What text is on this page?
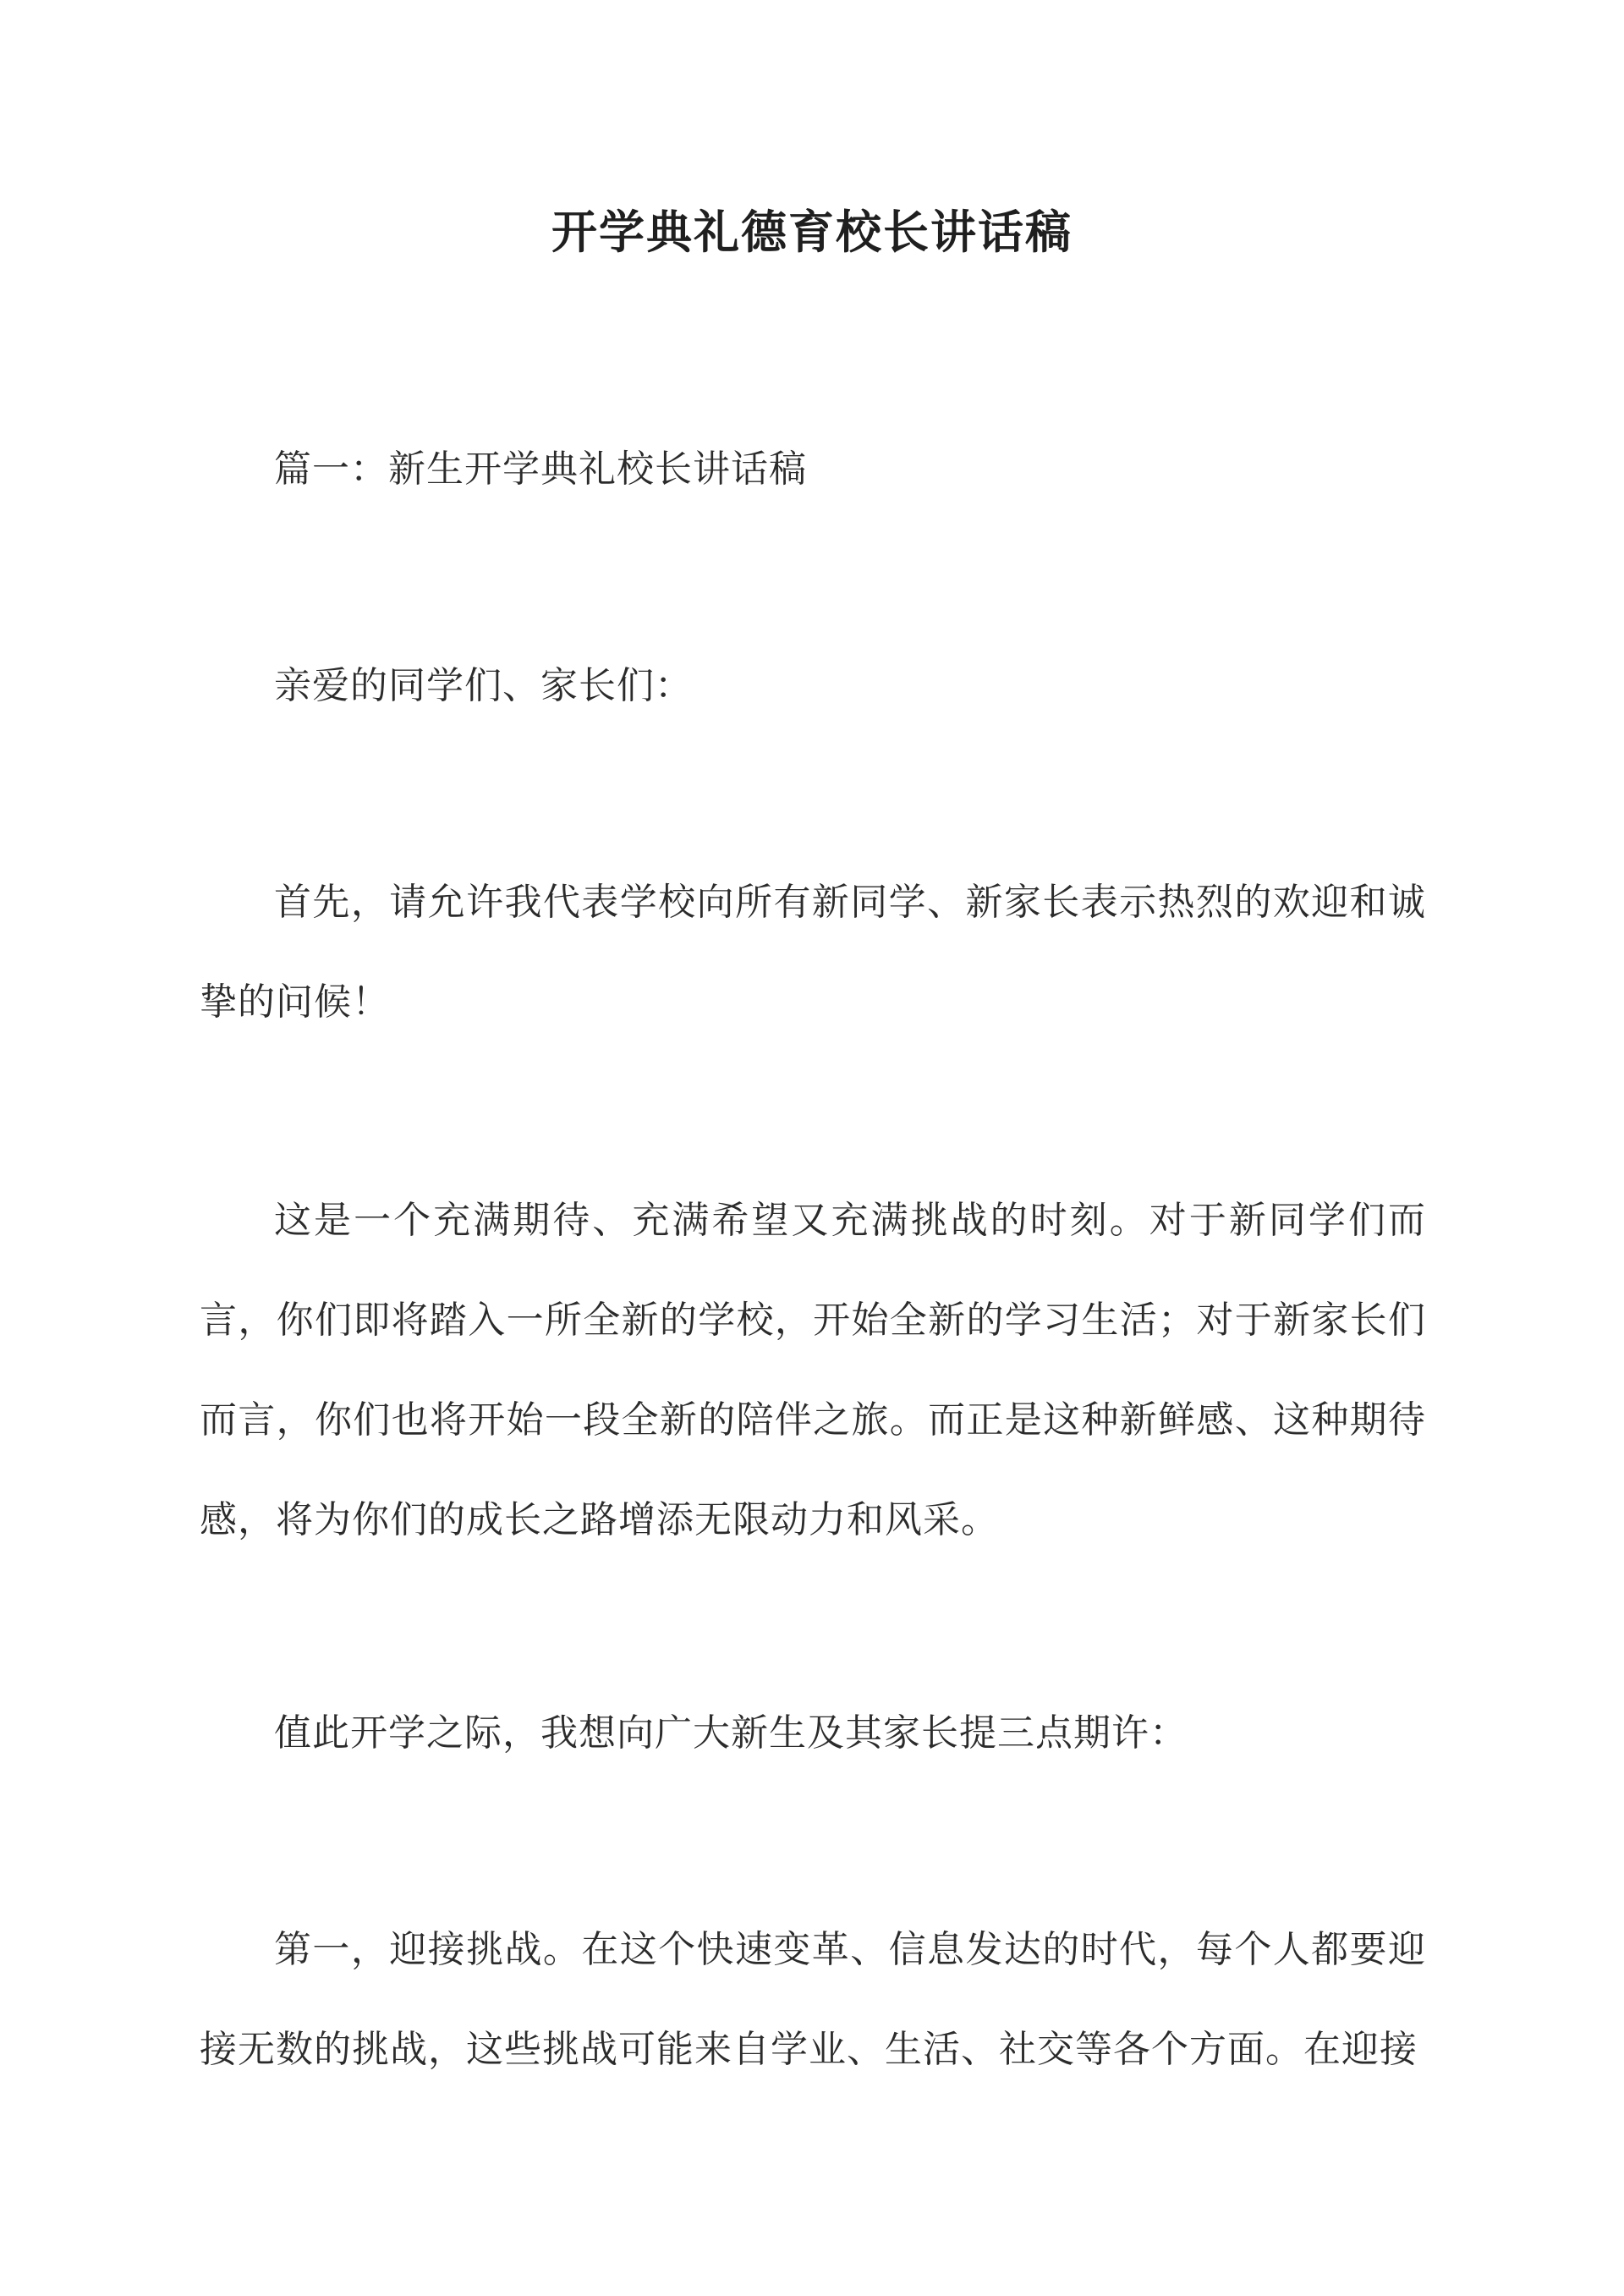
开学典礼德育校长讲话稿

篇一：新生开学典礼校长讲话稿

亲爱的同学们、家长们：

首先，请允许我代表学校向所有新同学、新家长表示热烈的欢迎和诚挚的问候！

这是一个充满期待、充满希望又充满挑战的时刻。对于新同学们而言，你们即将踏入一所全新的学校，开始全新的学习生活；对于新家长们而言，你们也将开始一段全新的陪伴之旅。而正是这种新鲜感、这种期待感，将为你们的成长之路增添无限动力和风采。

值此开学之际，我想向广大新生及其家长提三点期许：

第一，迎接挑战。在这个快速变革、信息发达的时代，每个人都要迎接无数的挑战，这些挑战可能来自学业、生活、社交等各个方面。在迎接
